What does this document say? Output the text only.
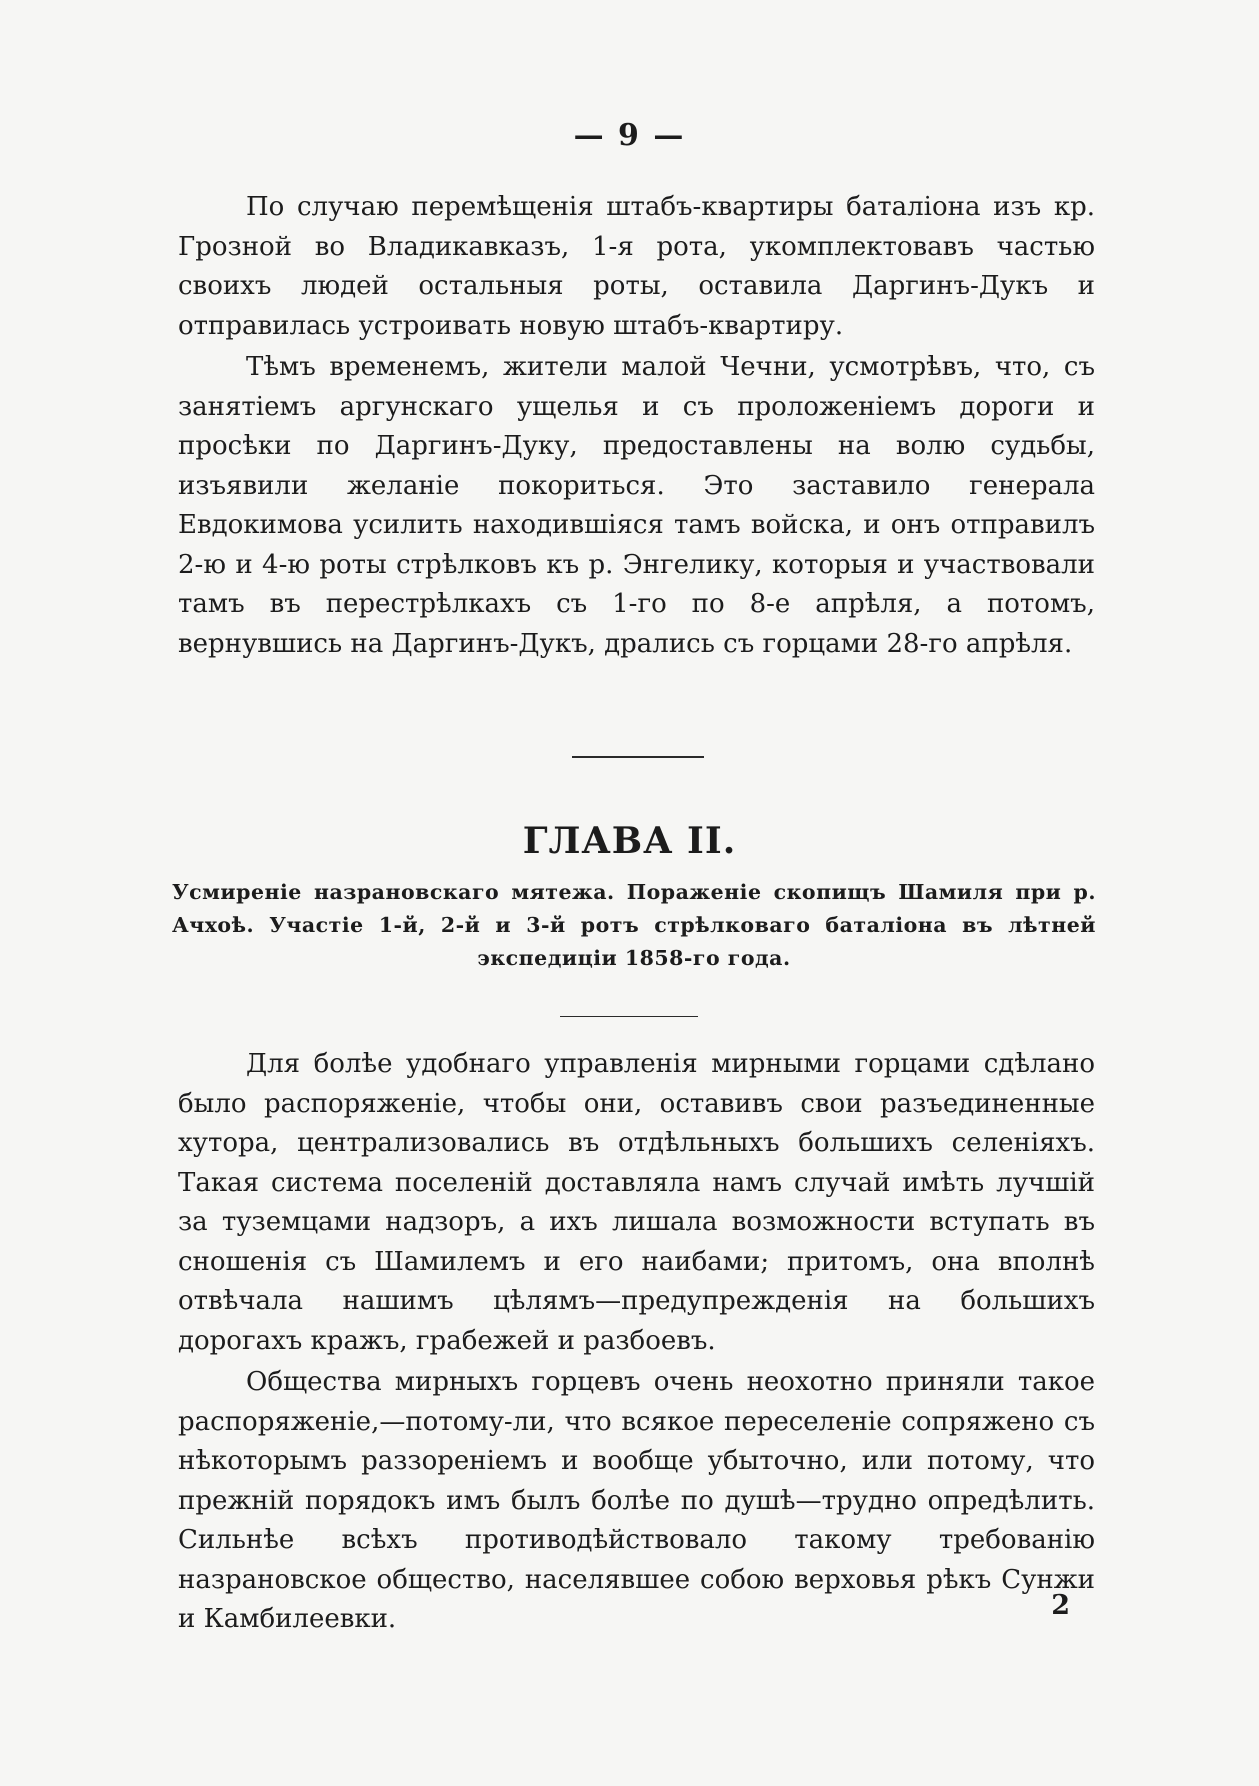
— 9 —

По случаю перемѣщенія штабъ-квартиры баталіона изъ кр. Грозной во Владикавказъ, 1-я рота, укомплектовавъ частью своихъ людей остальныя роты, оставила Даргинъ-Дукъ и отправилась устроивать новую штабъ-квартиру.

Тѣмъ временемъ, жители малой Чечни, усмотрѣвъ, что, съ занятіемъ аргунскаго ущелья и съ проложеніемъ дороги и просѣки по Даргинъ-Дуку, предоставлены на волю судьбы, изъявили желаніе покориться. Это заставило генерала Евдокимова усилить находившіяся тамъ войска, и онъ отправилъ 2-ю и 4-ю роты стрѣлковъ къ р. Энгелику, которыя и участвовали тамъ въ перестрѣлкахъ съ 1-го по 8-е апрѣля, а потомъ, вернувшись на Даргинъ-Дукъ, дрались съ горцами 28-го апрѣля.

ГЛАВА II.
Усмиреніе назрановскаго мятежа. Пораженіе скопищъ Шамиля при р. Ачхоѣ. Участіе 1-й, 2-й и 3-й ротъ стрѣлковаго баталіона въ лѣтней экспедиціи 1858-го года.

Для болѣе удобнаго управленія мирными горцами сдѣлано было распоряженіе, чтобы они, оставивъ свои разъединенные хутора, централизовались въ отдѣльныхъ большихъ селеніяхъ. Такая система поселеній доставляла намъ случай имѣть лучшій за туземцами надзоръ, а ихъ лишала возможности вступать въ сношенія съ Шамилемъ и его наибами; притомъ, она вполнѣ отвѣчала нашимъ цѣлямъ—предупрежденія на большихъ дорогахъ кражъ, грабежей и разбоевъ.

Общества мирныхъ горцевъ очень неохотно приняли такое распоряженіе,—потому-ли, что всякое переселеніе сопряжено съ нѣкоторымъ раззореніемъ и вообще убыточно, или потому, что прежній порядокъ имъ былъ болѣе по душѣ—трудно опредѣлить. Сильнѣе всѣхъ противодѣйствовало такому требованію назрановское общество, населявшее собою верховья рѣкъ Сунжи и Камбилеевки.	2
